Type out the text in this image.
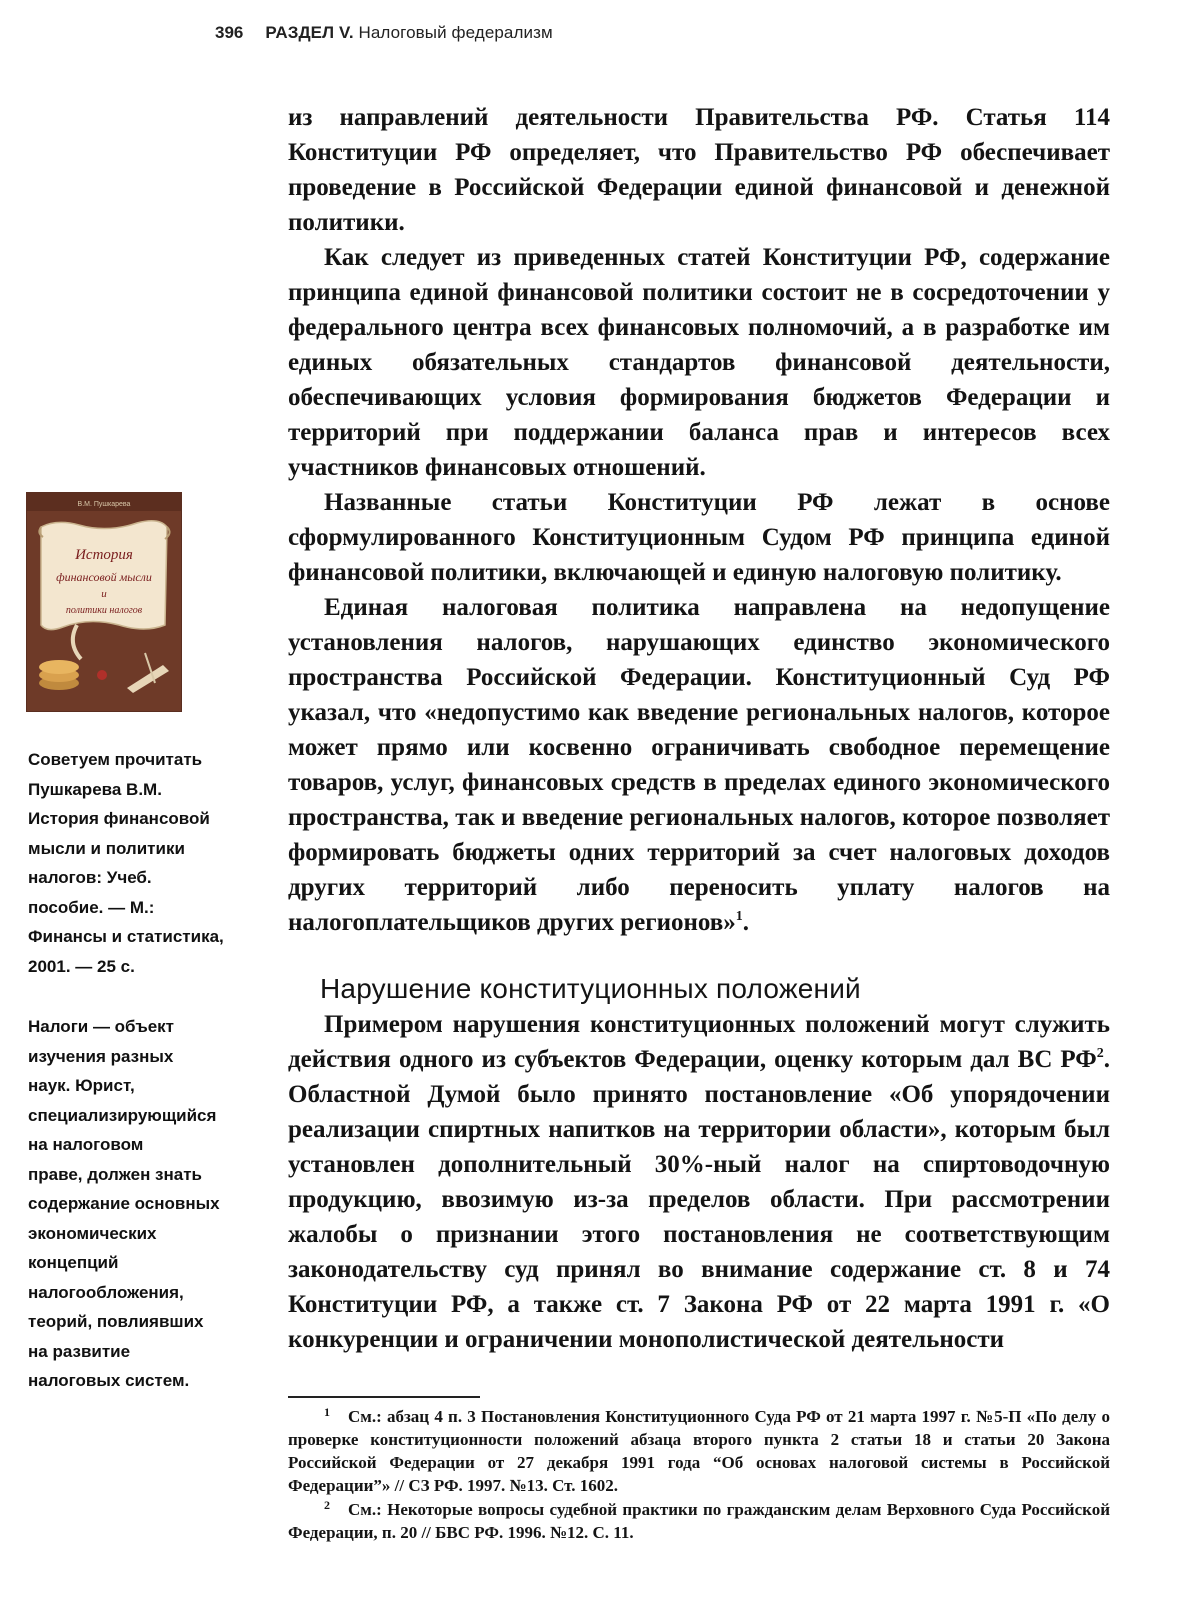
396 РАЗДЕЛ V. Налоговый федерализм

из направлений деятельности Правительства РФ. Статья 114 Конституции РФ определяет, что Правительство РФ обеспечивает проведение в Российской Федерации единой финансовой и денежной политики.

Как следует из приведенных статей Конституции РФ, содержание принципа единой финансовой политики состоит не в сосредоточении у федерального центра всех финансовых полномочий, а в разработке им единых обязательных стандартов финансовой деятельности, обеспечивающих условия формирования бюджетов Федерации и территорий при поддержании баланса прав и интересов всех участников финансовых отношений.

Названные статьи Конституции РФ лежат в основе сформулированного Конституционным Судом РФ принципа единой финансовой политики, включающей и единую налоговую политику.

Единая налоговая политика направлена на недопущение установления налогов, нарушающих единство экономического пространства Российской Федерации. Конституционный Суд РФ указал, что «недопустимо как введение региональных налогов, которое может прямо или косвенно ограничивать свободное перемещение товаров, услуг, финансовых средств в пределах единого экономического пространства, так и введение региональных налогов, которое позволяет формировать бюджеты одних территорий за счет налоговых доходов других территорий либо переносить уплату налогов на налогоплательщиков других регионов»$^1$.

Нарушение конституционных положений

Примером нарушения конституционных положений могут служить действия одного из субъектов Федерации, оценку которым дал ВС $РФ^2$. Областной Думой было принято постановление «Об упорядочении реализации спиртных напитков на территории области», которым был установлен дополнительный 30%-ный налог на спиртоводочную продукцию, ввозимую из-за пределов области. При рассмотрении жалобы о признании этого постановления не соответствующим законодательству суд принял во внимание содержание ст. 8 и 74 Конституции РФ, а также ст. 7 Закона РФ от 22 марта 1991 г. «О конкуренции и ограничении монополистической деятельности

В.М. Пушкарева
История
финансовой мысли
и
политики налогов

Советуем прочитать

Пушкарева В.М.

История финансовой

мысли и политики

налогов: Учеб.

пособие. — М.:

Финансы и статистика,

2001. — 25 с.

Налоги — объект

изучения разных

наук. Юрист,

специализирующийся

на налоговом

праве, должен знать

содержание основных

экономических

концепций

налогообложения,

теорий, повлиявших

на развитие

налоговых систем.

$^1$ См.: абзац 4 п. 3 Постановления Конституционного Суда РФ от 21 марта 1997 г. №5-П «По делу о проверке конституционности положений абзаца второго пункта 2 статьи 18 и статьи 20 Закона Российской Федерации от 27 декабря 1991 года “Об основах налоговой системы в Российской Федерации”» // СЗ РФ. 1997. №13. Ст. 1602.

$^2$ См.: Некоторые вопросы судебной практики по гражданским делам Верховного Суда Российской Федерации, п. 20 // БВС РФ. 1996. №12. С. 11.
